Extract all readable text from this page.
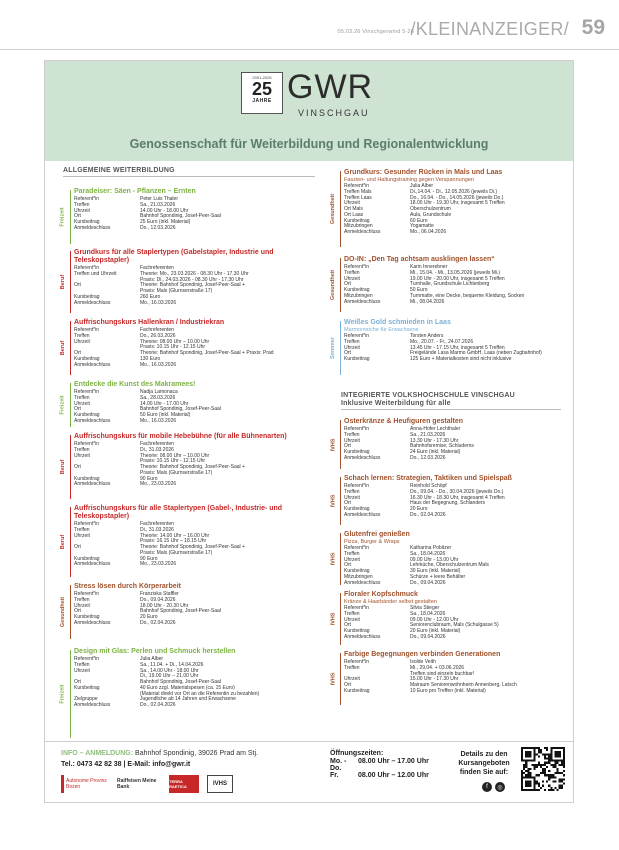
05.03.26 Vinschgerwind 5-26
/KLEINANZEIGER/ 59
2001-2026
25
JAHRE GWR
VINSCHGAU
Genossenschaft für Weiterbildung und Regionalentwicklung
ALLGEMEINE WEITERBILDUNG
Freizeit
Paradeiser: Säen - Pflanzen – Ernten
Referent*in	Peter Luis Thaler
Treffen	Sa., 21.03.2026
Uhrzeit	14.00 Uhr - 18.00 Uhr
Ort	Bahnhof Spondinig, Josef-Peer-Saal
Kursbeitrag	25 Euro (inkl. Material)
Anmeldeschluss	Do., 12.03.2026
Beruf
Grundkurs für alle Staplertypen (Gabelstapler, Industrie und Teleskopstapler)
Referent*in	Fachreferenten
Treffen und Uhrzeit	Theorie: Mo., 23.03.2026 - 08.30 Uhr - 17.30 Uhr
Praxis: Di., 24.03.2026 - 08.30 Uhr - 17.30 Uhr
Ort	Theorie: Bahnhof Spondinig, Josef-Peer-Saal +
Praxis: Mals (Glurnserstraße 17)
Kursbeitrag	260 Euro
Anmeldeschluss	Mo., 16.03.2026
Beruf
Auffrischungskurs Hallenkran / Industriekran
Referent*in	Fachreferenten
Treffen	Do., 26.03.2026
Uhrzeit	Theorie: 08.00 Uhr – 10.00 Uhr
Praxis: 10.15 Uhr - 12.15 Uhr
Ort	Theorie: Bahnhof Spondinig, Josef-Peer-Saal + Praxis: Prad
Kursbeitrag	130 Euro
Anmeldeschluss	Mo., 16.03.2026
Freizeit
Entdecke die Kunst des Makramees!
Referent*in	Nadja Lamonaca
Treffen	Sa., 28.03.2026
Uhrzeit	14.00 Uhr - 17.00 Uhr
Ort	Bahnhof Spondinig, Josef-Peer-Saal
Kursbeitrag	50 Euro (inkl. Material)
Anmeldeschluss	Mo., 16.03.2026
Beruf
Auffrischungskurs für mobile Hebebühne (für alle Bühnenarten)
Referent*in	Fachreferenten
Treffen	Di., 31.03.2026
Uhrzeit	Theorie: 08.00 Uhr – 10.00 Uhr
Praxis: 10.15 Uhr - 12.15 Uhr
Ort	Theorie: Bahnhof Spondinig, Josef-Peer-Saal +
Praxis: Mals (Glurnserstraße 17)
Kursbeitrag	90 Euro
Anmeldeschluss	Mo., 23.03.2026
Beruf
Auffrischungskurs für alle Staplertypen (Gabel-, Industrie- und Teleskopstapler)
Referent*in	Fachreferenten
Treffen	Di., 31.03.2026
Uhrzeit	Theorie: 14.00 Uhr – 16.00 Uhr
Praxis: 16.15 Uhr – 18.15 Uhr
Ort	Theorie: Bahnhof Spondinig, Josef-Peer-Saal +
Praxis: Mals (Glurnserstraße 17)
Kursbeitrag	90 Euro
Anmeldeschluss	Mo., 23.03.2026
Gesundheit
Stress lösen durch Körperarbeit
Referent*in	Franziska Staffler
Treffen	Do., 09.04.2026
Uhrzeit	18.00 Uhr - 20.30 Uhr
Ort	Bahnhof Spondinig, Josef-Peer-Saal
Kursbeitrag	20 Euro
Anmeldeschluss	Do., 02.04.2026
Freizeit
Design mit Glas: Perlen und Schmuck herstellen
Referent*in	Julia Alber
Treffen	Sa., 11.04. + Di., 14.04.2026
Uhrzeit	Sa., 14.00 Uhr - 18.00 Uhr
Di., 19.00 Uhr – 21.00 Uhr
Ort	Bahnhof Spondinig, Josef-Peer-Saal
Kursbeitrag	40 Euro zzgl. Materialspesen (ca. 15 Euro)
(Material direkt vor Ort an die Referentin zu bezahlen)
Zielgruppe	Jugendliche ab 14 Jahren und Erwachsene
Anmeldeschluss	Do., 02.04.2026
Gesundheit
Grundkurs: Gesunder Rücken in Mals und Laas
Faszien- und Haltungstraining gegen Verspannungen
Referent*in	Julia Alber
Treffen Mals	Di.,14.04. - Di., 12.05.2026 (jeweils Di.)
Treffen Laas	Do., 16.04. - Do., 14.05.2026 (jeweils Do.)
Uhrzeit	18.00 Uhr - 19.30 Uhr, insgesamt 5 Treffen
Ort Mals	Oberschulzentrum
Ort Laas	Aula, Grundschule
Kursbeitrag	60 Euro
Mitzubringen	Yogamatte
Anmeldeschluss	Mo., 06.04.2026
Gesundheit
DO-IN: „Den Tag achtsam ausklingen lassen“
Referent*in	Karin Innerebner
Treffen	Mi., 15.04. - Mi., 13.05.2026 (jeweils Mi.)
Uhrzeit	19.00 Uhr - 20.00 Uhr, insgesamt 5 Treffen
Ort	Turnhalle, Grundschule Lichtenberg
Kursbeitrag	50 Euro
Mitzubringen	Turnmatte, eine Decke, bequeme Kleidung, Socken
Anmeldeschluss	Mi., 08.04.2026
Sommer
Weißes Gold schmieden in Laas
Marmorwoche für Erwachsene
Referent*in	Torsten Anders
Treffen	Mo., 20.07. - Fr., 24.07.2026
Uhrzeit	13.45 Uhr - 17.15 Uhr, insgesamt 5 Treffen
Ort	Freigelände Lasa Marmo GmbH, Laas (neben Zugbahnhof)
Kursbeitrag	125 Euro + Materialkosten sind nicht inklusive
INTEGRIERTE VOLKSHOCHSCHULE VINSCHGAU
Inklusive Weiterbildung für alle
IVHS
Osterkränze & Heufiguren gestalten
Referent*in	Anna-Hofer Lechthaler
Treffen	Sa., 21.03.2026
Uhrzeit	13.30 Uhr - 17.30 Uhr
Ort	Bahnhofsremise, Schluderns
Kursbeitrag	24 Euro (inkl. Material)
Anmeldeschluss	Do., 12.03.2026
IVHS
Schach lernen: Strategien, Taktiken und Spielspaß
Referent*in	Reinhold Schöpf
Treffen	Do., 09.04. - Do., 30.04.2026 (jeweils Do.)
Uhrzeit	16.30 Uhr - 18.30 Uhr, insgesamt 4 Treffen
Ort	Haus der Begegnung, Schlanders
Kursbeitrag	20 Euro
Anmeldeschluss	Do., 02.04.2026
IVHS
Glutenfrei genießen
Pizza, Burger & Wraps
Referent*in	Katharina Pobitzer
Treffen	Sa., 18.04.2026
Uhrzeit	09.00 Uhr - 13.00 Uhr
Ort	Lehrküche, Oberschulzentrum Mals
Kursbeitrag	30 Euro (inkl. Material)
Mitzubringen	Schürze + leere Behälter
Anmeldeschluss	Do., 09.04.2026
IVHS
Floraler Kopfschmuck
Kränze & Haarbänder selbst gestalten
Referent*in	Silvia Stieger
Treffen	Sa., 18.04.2026
Uhrzeit	09.00 Uhr - 12.00 Uhr
Ort	Seniorenclubraum, Mals (Schulgasse 5)
Kursbeitrag	20 Euro (inkl. Material)
Anmeldeschluss	Do., 09.04.2026
IVHS
Farbige Begegnungen verbinden Generationen
Referent*in	Isolde Veith
Treffen	Mi., 29.04. + 03.06.2026
Treffen sind einzeln buchbar!
Uhrzeit	15.00 Uhr - 17.30 Uhr
Ort	Mairaum Seniorenwohnheim Annenberg, Latsch
Kursbeitrag	10 Euro pro Treffen (inkl. Material)
INFO – ANMELDUNG: Bahnhof Spondinig, 39026 Prad am Stj.
Tel.: 0473 42 82 38 | E-Mail: info@gwr.it
Autonome Provinz Bozen
Raiffeisen Meine Bank
TERRA RAETICA	IVHS
Öffnungszeiten:
Mo. - Do.
08.00 Uhr – 17.00 Uhr
Fr.	08.00 Uhr – 12.00 Uhr
Details zu den Kursangeboten finden Sie auf:
f	◎
